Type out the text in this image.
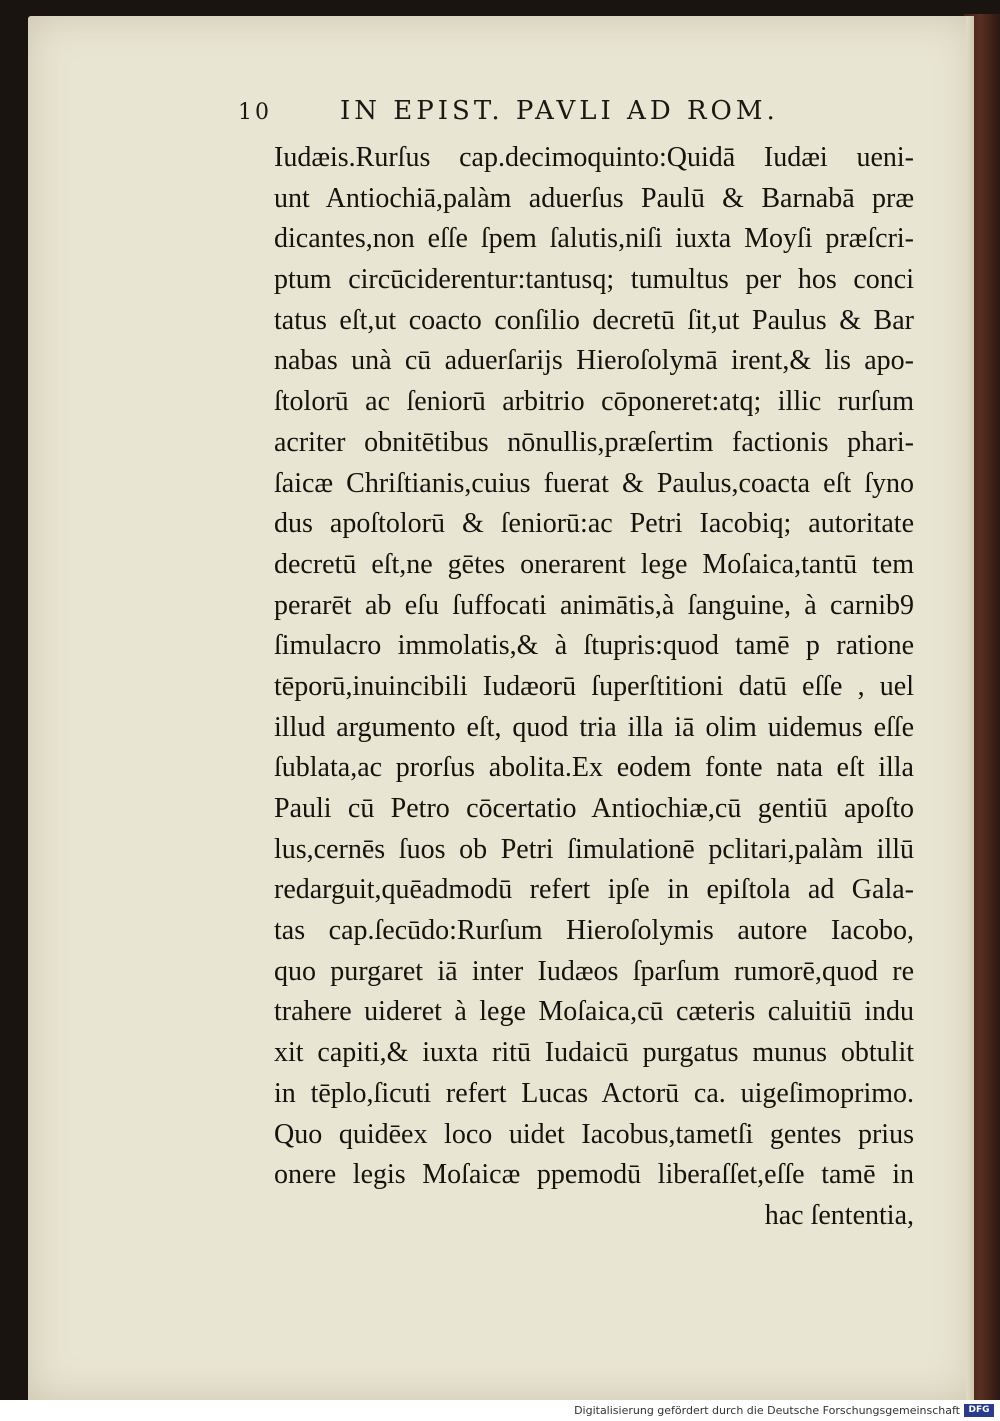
10	IN EPIST. PAVLI AD ROM.
Iudæis.Rurſus cap.decimoquinto:Quidā Iudæi ueni-
unt Antiochiā,palàm aduerſus Paulū & Barnabā præ
dicantes,non eſſe ſpem ſalutis,niſi iuxta Moyſi præſcri-
ptum circūciderentur:tantusq; tumultus per hos conci
tatus eſt,ut coacto conſilio decretū ſit,ut Paulus & Bar
nabas unà cū aduerſarijs Hieroſolymā irent,& lis apo-
ſtolorū ac ſeniorū arbitrio cōponeret:atq; illic rurſum
acriter obnitētibus nōnullis,præſertim factionis phari-
ſaicæ Chriſtianis,cuius fuerat & Paulus,coacta eſt ſyno
dus apoſtolorū & ſeniorū:ac Petri Iacobiq; autoritate
decretū eſt,ne gētes onerarent lege Moſaica,tantū tem
perarēt ab eſu ſuffocati animātis,à ſanguine, à carnib9
ſimulacro immolatis,& à ſtupris:quod tamē p ratione
tēporū,inuincibili Iudæorū ſuperſtitioni datū eſſe , uel
illud argumento eſt, quod tria illa iā olim uidemus eſſe
ſublata,ac prorſus abolita.Ex eodem fonte nata eſt illa
Pauli cū Petro cōcertatio Antiochiæ,cū gentiū apoſto
lus,cernēs ſuos ob Petri ſimulationē pclitari,palàm illū
redarguit,quēadmodū refert ipſe in epiſtola ad Gala-
tas cap.ſecūdo:Rurſum Hieroſolymis autore Iacobo,
quo purgaret iā inter Iudæos ſparſum rumorē,quod re
trahere uideret à lege Moſaica,cū cæteris caluitiū indu
xit capiti,& iuxta ritū Iudaicū purgatus munus obtulit
in tēplo,ſicuti refert Lucas Actorū ca. uigeſimoprimo.
Quo quidēex loco uidet Iacobus,tametſi gentes prius
onere legis Moſaicæ ppemodū liberaſſet,eſſe tamē in
hac ſententia,
Digitalisierung gefördert durch die Deutsche Forschungsgemeinschaft DFG
